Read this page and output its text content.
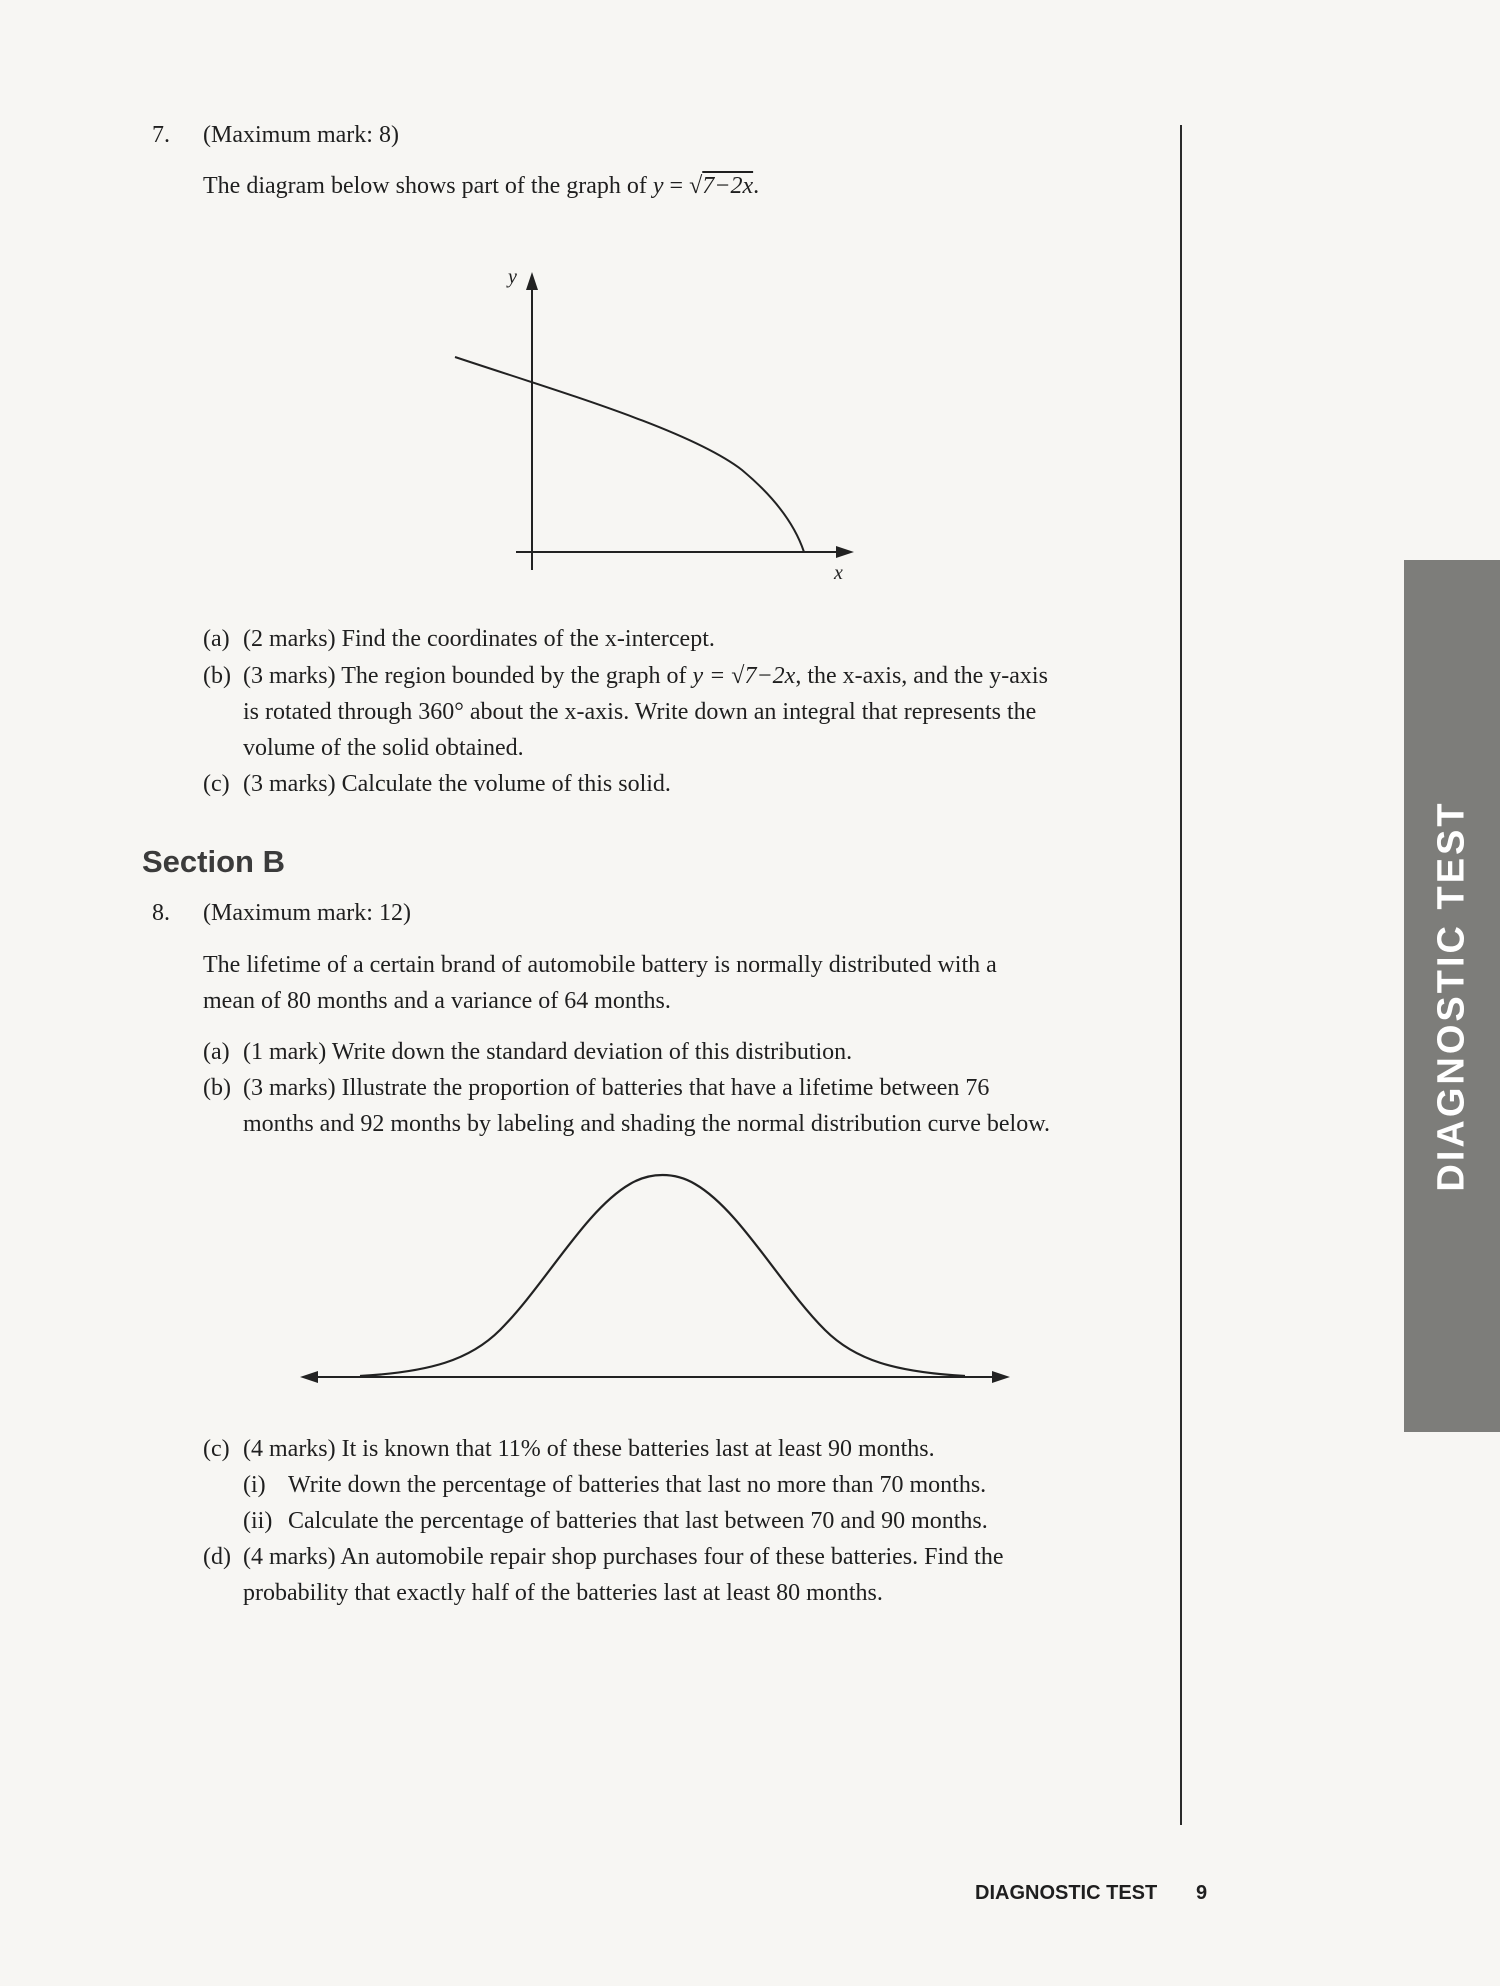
DIAGNOSTIC TEST
7. (Maximum mark: 8)
The diagram below shows part of the graph of y = √7−2x.
y
x
(a) (2 marks) Find the coordinates of the x-intercept.
(b) (3 marks) The region bounded by the graph of y = √7−2x, the x-axis, and the y-axis
is rotated through 360° about the x-axis. Write down an integral that represents the
volume of the solid obtained.
(c) (3 marks) Calculate the volume of this solid.
Section B
8. (Maximum mark: 12)
The lifetime of a certain brand of automobile battery is normally distributed with a
mean of 80 months and a variance of 64 months.
(a) (1 mark) Write down the standard deviation of this distribution.
(b) (3 marks) Illustrate the proportion of batteries that have a lifetime between 76
months and 92 months by labeling and shading the normal distribution curve below.
(c) (4 marks) It is known that 11% of these batteries last at least 90 months.
(i) Write down the percentage of batteries that last no more than 70 months.
(ii) Calculate the percentage of batteries that last between 70 and 90 months.
(d) (4 marks) An automobile repair shop purchases four of these batteries. Find the
probability that exactly half of the batteries last at least 80 months.
DIAGNOSTIC TEST 9
